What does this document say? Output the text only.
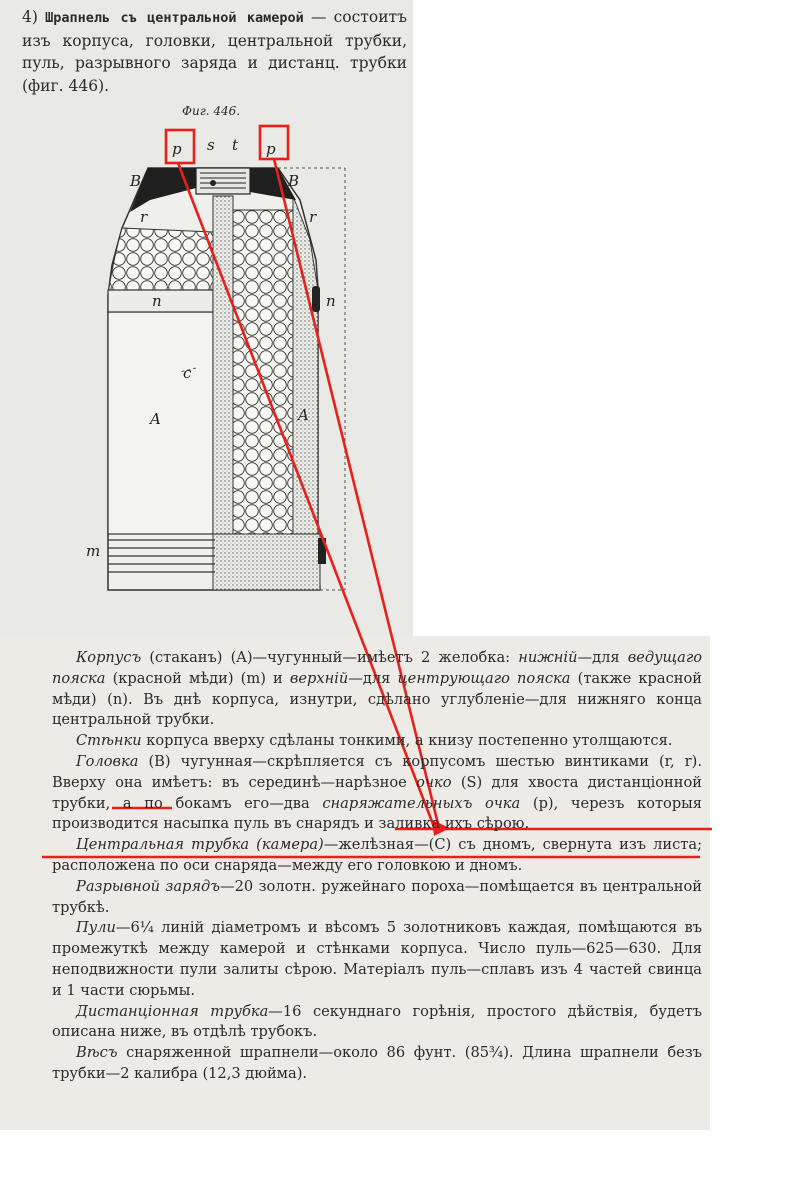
4) Шрапнель съ центральной камерой — состоитъ изъ корпуса, головки, центральной трубки, пуль, разрывного заряда и дистанц. трубки (фиг. 446).
Фиг. 446.
p s t p
B	B
r	r
n	n
c
A	A
m

Корпусъ (стаканъ) (A)—чугунный—имѣетъ 2 желобка: нижній—для ведущаго пояска (красной мѣди) (m) и верхній—для центрующаго пояска (также красной мѣди) (n). Въ днѣ корпуса, изнутри, сдѣлано углубленіе—для нижняго конца центральной трубки.

Стѣнки корпуса вверху сдѣланы тонкими, а книзу постепенно утолщаются.

Головка (B) чугунная—скрѣпляется съ корпусомъ шестью винтиками (r, r). Вверху она имѣетъ: въ серединѣ—нарѣзное очко (S) для хвоста дистанціонной трубки, а по бокамъ его—два снаряжательныхъ очка (p), черезъ которыя производится насыпка пуль въ снарядъ и заливка ихъ сѣрою.

Центральная трубка (камера)—желѣзная—(C) съ дномъ, свернута изъ листа; расположена по оси снаряда—между его головкою и дномъ.

Разрывной зарядъ—20 золотн. ружейнаго пороха—помѣщается въ центральной трубкѣ.

Пули—6¼ линій діаметромъ и вѣсомъ 5 золотниковъ каждая, помѣщаются въ промежуткѣ между камерой и стѣнками корпуса. Число пуль—625—630. Для неподвижности пули залиты сѣрою. Матеріалъ пуль—сплавъ изъ 4 частей свинца и 1 части сюрьмы.

Дистанціонная трубка—16 секунднаго горѣнія, простого дѣйствія, будетъ описана ниже, въ отдѣлѣ трубокъ.

Вѣсъ снаряженной шрапнели—около 86 фунт. (85¾). Длина шрапнели безъ трубки—2 калибра (12,3 дюйма).
